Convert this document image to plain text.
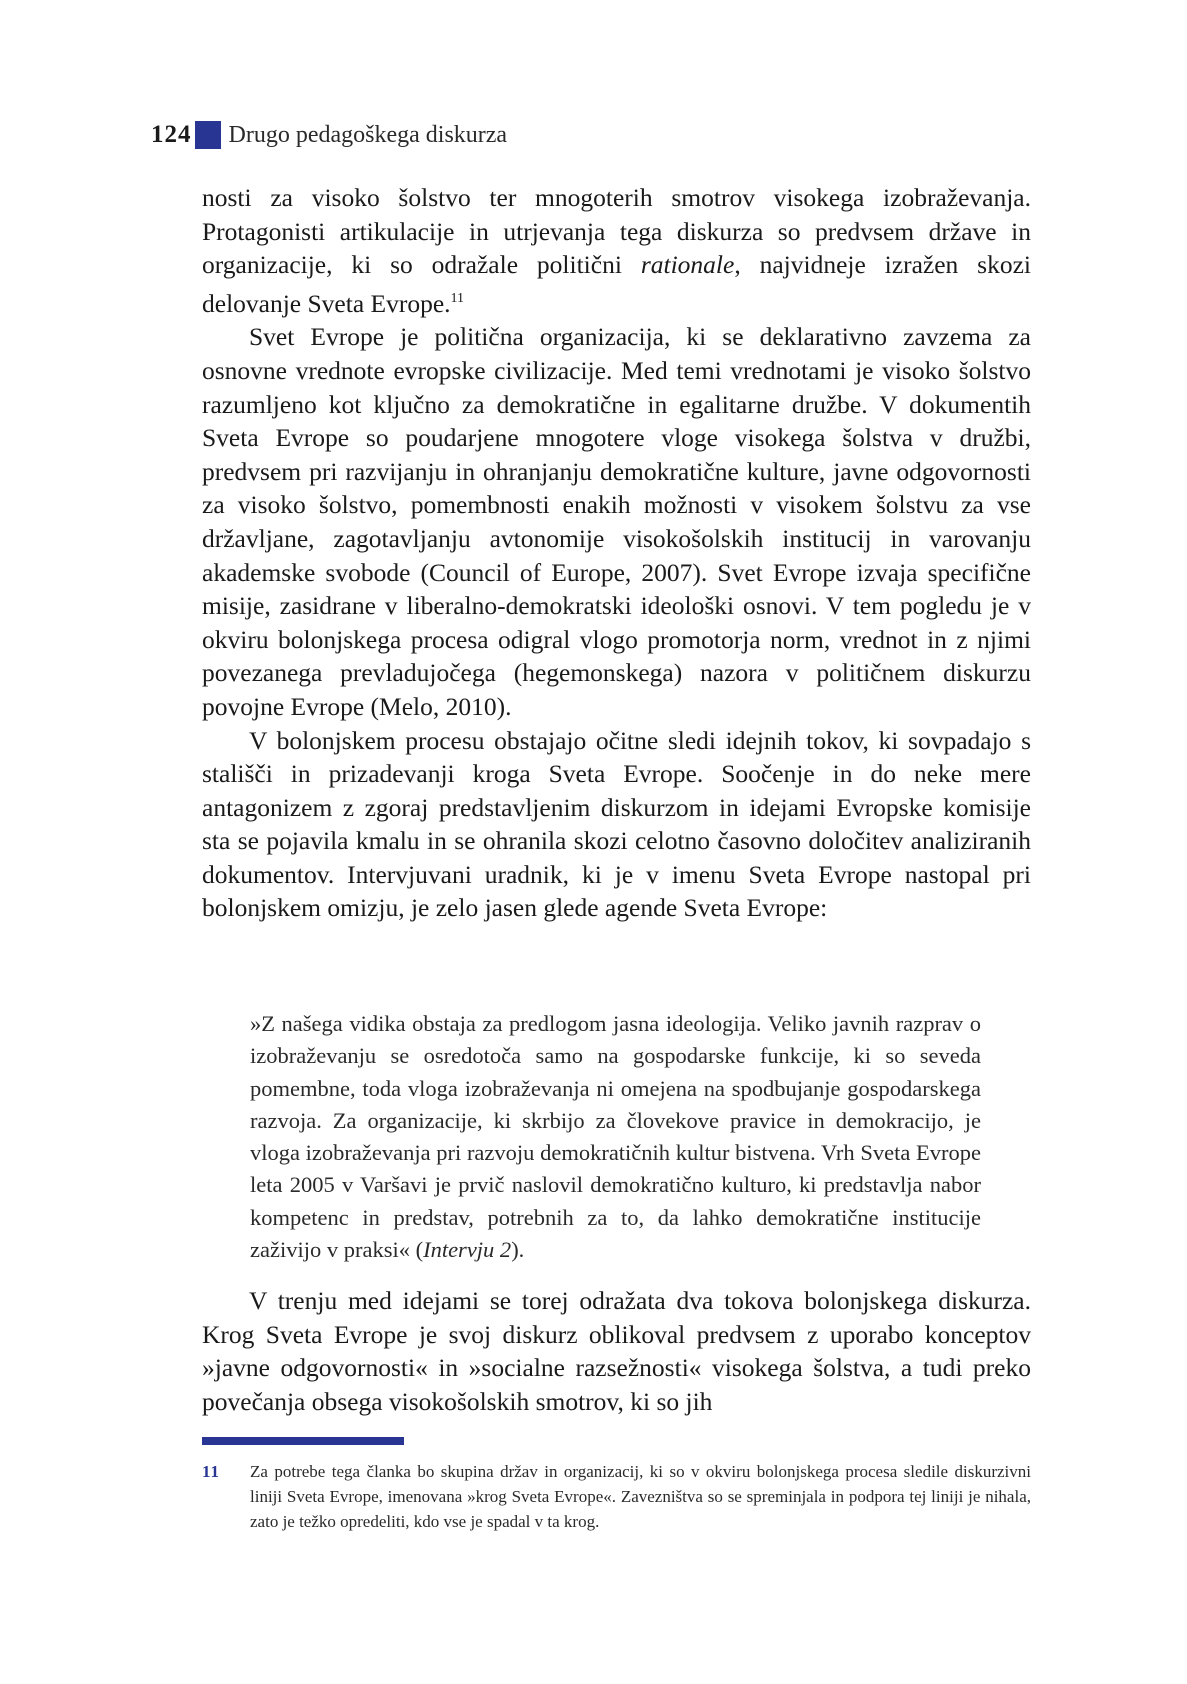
124 Drugo pedagoškega diskurza

nosti za visoko šolstvo ter mnogoterih smotrov visokega izobraževanja. Protagonisti artikulacije in utrjevanja tega diskurza so predvsem države in organizacije, ki so odražale politični rationale, najvidneje izražen skozi delovanje Sveta Evrope.$^{11}$

Svet Evrope je politična organizacija, ki se deklarativno zavzema za osnovne vrednote evropske civilizacije. Med temi vrednotami je visoko šolstvo razumljeno kot ključno za demokratične in egalitarne družbe. V dokumentih Sveta Evrope so poudarjene mnogotere vloge visokega šolstva v družbi, predvsem pri razvijanju in ohranjanju demokratične kulture, javne odgovornosti za visoko šolstvo, pomembnosti enakih možnosti v visokem šolstvu za vse državljane, zagotavljanju avtonomije visokošolskih institucij in varovanju akademske svobode (Council of Europe, 2007). Svet Evrope izvaja specifične misije, zasidrane v liberalno-demokratski ideološki osnovi. V tem pogledu je v okviru bolonjskega procesa odigral vlogo promotorja norm, vrednot in z njimi povezanega prevladujočega (hegemonskega) nazora v političnem diskurzu povojne Evrope (Melo, 2010).

V bolonjskem procesu obstajajo očitne sledi idejnih tokov, ki sovpadajo s stališči in prizadevanji kroga Sveta Evrope. Soočenje in do neke mere antagonizem z zgoraj predstavljenim diskurzom in idejami Evropske komisije sta se pojavila kmalu in se ohranila skozi celotno časovno določitev analiziranih dokumentov. Intervjuvani uradnik, ki je v imenu Sveta Evrope nastopal pri bolonjskem omizju, je zelo jasen glede agende Sveta Evrope:

»Z našega vidika obstaja za predlogom jasna ideologija. Veliko javnih razprav o izobraževanju se osredotoča samo na gospodarske funkcije, ki so seveda pomembne, toda vloga izobraževanja ni omejena na spodbujanje gospodarskega razvoja. Za organizacije, ki skrbijo za človekove pravice in demokracijo, je vloga izobraževanja pri razvoju demokratičnih kultur bistvena. Vrh Sveta Evrope leta 2005 v Varšavi je prvič naslovil demokratično kulturo, ki predstavlja nabor kompetenc in predstav, potrebnih za to, da lahko demokratične institucije zaživijo v praksi« (Intervju 2).

V trenju med idejami se torej odražata dva tokova bolonjskega diskurza. Krog Sveta Evrope je svoj diskurz oblikoval predvsem z uporabo konceptov »javne odgovornosti« in »socialne razsežnosti« visokega šolstva, a tudi preko povečanja obsega visokošolskih smotrov, ki so jih

11	Za potrebe tega članka bo skupina držav in organizacij, ki so v okviru bolonjskega procesa sledile diskurzivni liniji Sveta Evrope, imenovana »krog Sveta Evrope«. Zavezništva so se spreminjala in podpora tej liniji je nihala, zato je težko opredeliti, kdo vse je spadal v ta krog.
